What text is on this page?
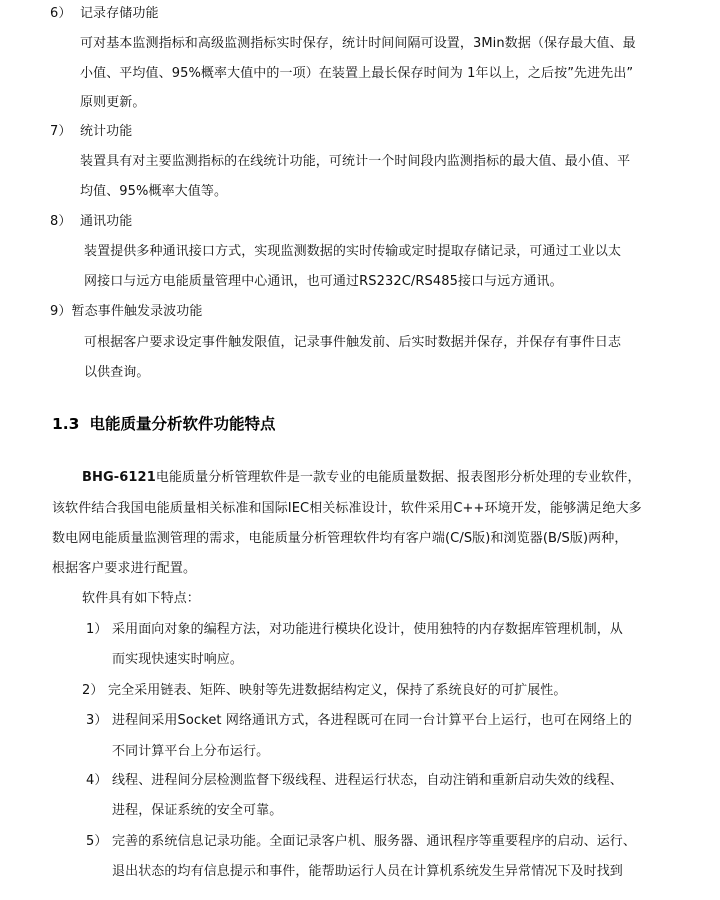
6） 记录存储功能
可对基本监测指标和高级监测指标实时保存，统计时间间隔可设置，3Min数据（保存最大值、最
小值、平均值、95%概率大值中的一项）在装置上最长保存时间为 1年以上，之后按”先进先出”
原则更新。
7） 统计功能
装置具有对主要监测指标的在线统计功能，可统计一个时间段内监测指标的最大值、最小值、平
均值、95%概率大值等。
8） 通讯功能
装置提供多种通讯接口方式，实现监测数据的实时传输或定时提取存储记录，可通过工业以太
网接口与远方电能质量管理中心通讯，也可通过RS232C/RS485接口与远方通讯。
9）暂态事件触发录波功能
可根据客户要求设定事件触发限值，记录事件触发前、后实时数据并保存，并保存有事件日志
以供查询。
1.3 电能质量分析软件功能特点
BHG-6121电能质量分析管理软件是一款专业的电能质量数据、报表图形分析处理的专业软件，
该软件结合我国电能质量相关标准和国际IEC相关标准设计，软件采用C++环境开发，能够满足绝大多
数电网电能质量监测管理的需求，电能质量分析管理软件均有客户端(C/S版)和浏览器(B/S版)两种，
根据客户要求进行配置。
软件具有如下特点：
1） 采用面向对象的编程方法，对功能进行模块化设计，使用独特的内存数据库管理机制，从
而实现快速实时响应。
2） 完全采用链表、矩阵、映射等先进数据结构定义，保持了系统良好的可扩展性。
3） 进程间采用Socket 网络通讯方式，各进程既可在同一台计算平台上运行，也可在网络上的
不同计算平台上分布运行。
4） 线程、进程间分层检测监督下级线程、进程运行状态，自动注销和重新启动失效的线程、
进程，保证系统的安全可靠。
5） 完善的系统信息记录功能。全面记录客户机、服务器、通讯程序等重要程序的启动、运行、
退出状态的均有信息提示和事件，能帮助运行人员在计算机系统发生异常情况下及时找到
